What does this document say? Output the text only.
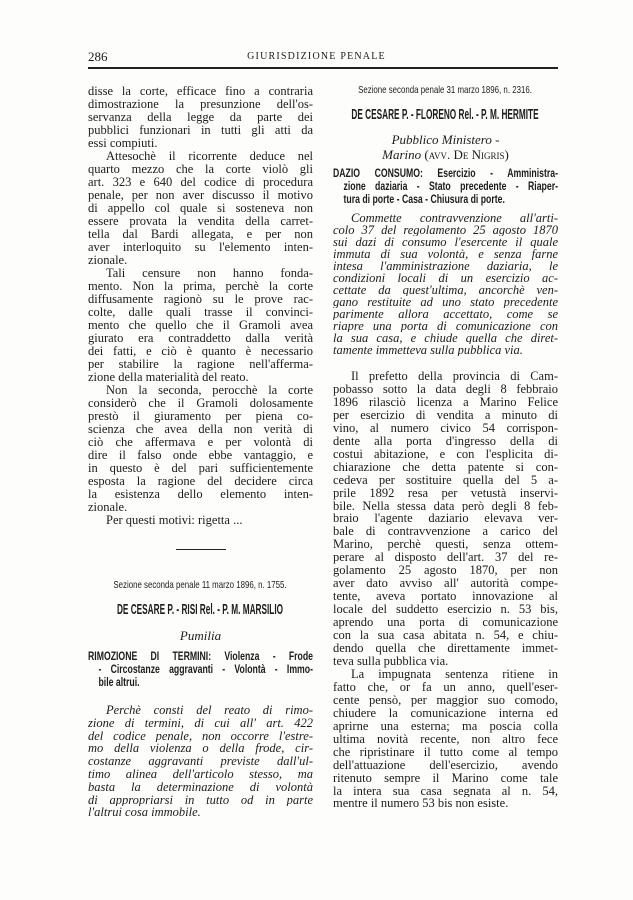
286	GIURISDIZIONE PENALE
disse la corte, efficace fino a contraria
dimostrazione la presunzione dell'os-
servanza della legge da parte dei
pubblici funzionari in tutti gli atti da
essi compiuti.
Attesochè il ricorrente deduce nel
quarto mezzo che la corte violò gli
art. 323 e 640 del codice di procedura
penale, per non aver discusso il motivo
di appello col quale si sosteneva non
essere provata la vendita della carret-
tella dal Bardi allegata, e per non
aver interloquito su l'elemento inten-
zionale.
Tali censure non hanno fonda-
mento. Non la prima, perchè la corte
diffusamente ragionò su le prove rac-
colte, dalle quali trasse il convinci-
mento che quello che il Gramoli avea
giurato era contraddetto dalla verità
dei fatti, e ciò è quanto è necessario
per stabilire la ragione nell'afferma-
zione della materialità del reato.
Non la seconda, perocchè la corte
considerò che il Gramoli dolosamente
prestò il giuramento per piena co-
scienza che avea della non verità di
ciò che affermava e per volontà di
dire il falso onde ebbe vantaggio, e
in questo è del pari sufficientemente
esposta la ragione del decidere circa
la esistenza dello elemento inten-
zionale.
Per questi motivi: rigetta ...
Sezione seconda penale 11 marzo 1896, n. 1755.
DE CESARE P. - RISI Rel. - P. M. MARSILIO
Pumilia
RIMOZIONE DI TERMINI: Violenza - Frode
- Circostanze aggravanti - Volontà - Immo-
bile altrui.
Perchè consti del reato di rimo-
zione di termini, di cui all' art. 422
del codice penale, non occorre l'estre-
mo della violenza o della frode, cir-
costanze aggravanti previste dall'ul-
timo alinea dell'articolo stesso, ma
basta la determinazione di volontà
di appropriarsi in tutto od in parte
l'altrui cosa immobile.
Sezione seconda penale 31 marzo 1896, n. 2316.
DE CESARE P. - FLORENO Rel. - P. M. HERMITE
Pubblico Ministero -
Marino (avv. De Nigris)
DAZIO CONSUMO: Esercizio - Amministra-
zione daziaria - Stato precedente - Riaper-
tura di porte - Casa - Chiusura di porte.
Commette contravvenzione all'arti-
colo 37 del regolamento 25 agosto 1870
sui dazi di consumo l'esercente il quale
immuta di sua volontà, e senza farne
intesa l'amministrazione daziaria, le
condizioni locali di un esercizio ac-
cettate da quest'ultima, ancorchè ven-
gano restituite ad uno stato precedente
parimente allora accettato, come se
riapre una porta di comunicazione con
la sua casa, e chiude quella che diret-
tamente immetteva sulla pubblica via.
Il prefetto della provincia di Cam-
pobasso sotto la data degli 8 febbraio
1896 rilasciò licenza a Marino Felice
per esercizio di vendita a minuto di
vino, al numero civico 54 corrispon-
dente alla porta d'ingresso della di
costui abitazione, e con l'esplicita di-
chiarazione che detta patente si con-
cedeva per sostituire quella del 5 a-
prile 1892 resa per vetustà inservi-
bile. Nella stessa data però degli 8 feb-
braio l'agente daziario elevava ver-
bale di contravvenzione a carico del
Marino, perchè questi, senza ottem-
perare al disposto dell'art. 37 del re-
golamento 25 agosto 1870, per non
aver dato avviso all' autorità compe-
tente, aveva portato innovazione al
locale del suddetto esercizio n. 53 bis,
aprendo una porta di comunicazione
con la sua casa abitata n. 54, e chiu-
dendo quella che direttamente immet-
teva sulla pubblica via.
La impugnata sentenza ritiene in
fatto che, or fa un anno, quell'eser-
cente pensò, per maggior suo comodo,
chiudere la comunicazione interna ed
aprirne una esterna; ma poscia colla
ultima novità recente, non altro fece
che ripristinare il tutto come al tempo
dell'attuazione dell'esercizio, avendo
ritenuto sempre il Marino come tale
la intera sua casa segnata al n. 54,
mentre il numero 53 bis non esiste.
